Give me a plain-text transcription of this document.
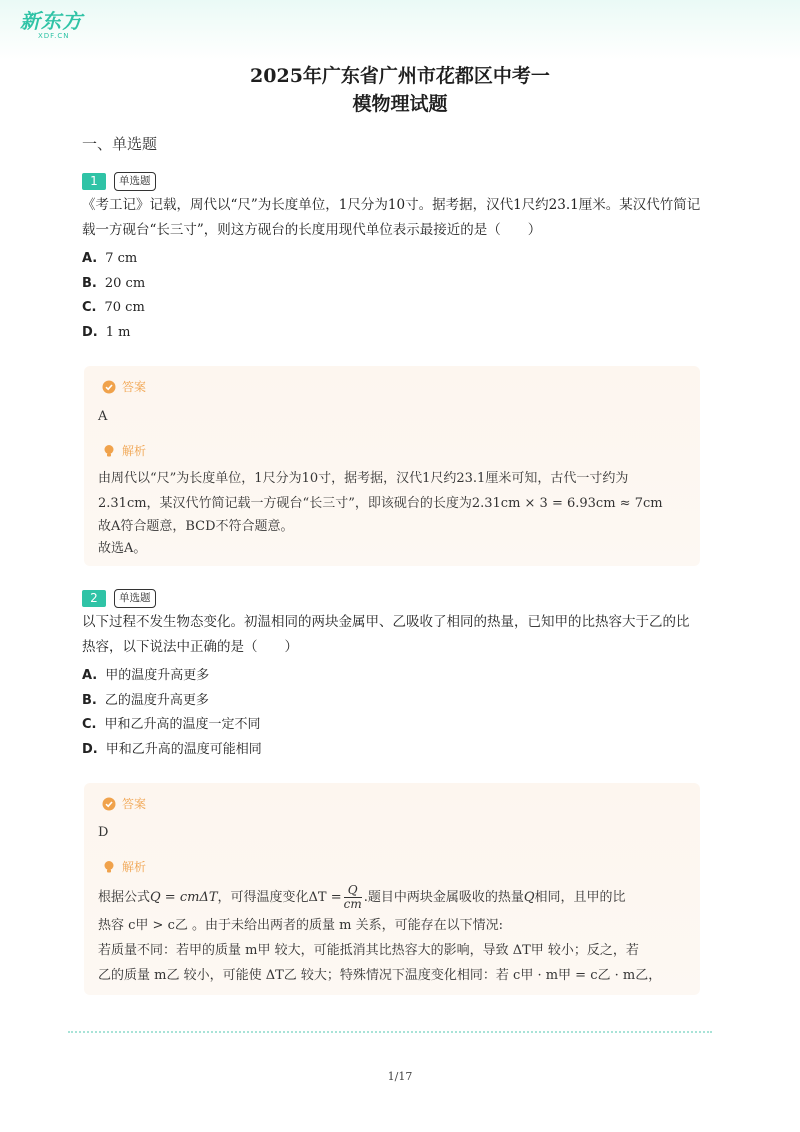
新东方
XDF.CN
2025年广东省广州市花都区中考一
模物理试题
一、单选题
1	单选题
《考工记》记载，周代以“尺”为长度单位，1尺分为10寸。据考据，汉代1尺约23.1厘米。某汉代竹简记载一方砚台“长三寸”，则这方砚台的长度用现代单位表示最接近的是（　　）
A. 7 cm
B. 20 cm
C. 70 cm
D. 1 m
答案
A
解析
由周代以“尺”为长度单位，1尺分为10寸，据考据，汉代1尺约23.1厘米可知，古代一寸约为
2.31cm，某汉代竹简记载一方砚台“长三寸”，即该砚台的长度为2.31cm × 3 = 6.93cm ≈ 7cm
故A符合题意，BCD不符合题意。
故选A。
2	单选题
以下过程不发生物态变化。初温相同的两块金属甲、乙吸收了相同的热量，已知甲的比热容大于乙的比热容，以下说法中正确的是（　　）
A. 甲的温度升高更多
B. 乙的温度升高更多
C. 甲和乙升高的温度一定不同
D. 甲和乙升高的温度可能相同
答案
D
解析
根据公式 Q = cmΔT ，可得温度变化$\Delta T = \frac{Q}{cm}$ .题目中两块金属吸收的热量 Q 相同，且甲的比
热容 c甲 > c乙 。由于未给出两者的质量 m 关系，可能存在以下情况:
若质量不同：若甲的质量 m甲 较大，可能抵消其比热容大的影响，导致 ΔT甲 较小；反之，若
乙的质量 m乙 较小，可能使 ΔT乙 较大；特殊情况下温度变化相同：若 c甲 · m甲 = c乙 · m乙，
1/17
